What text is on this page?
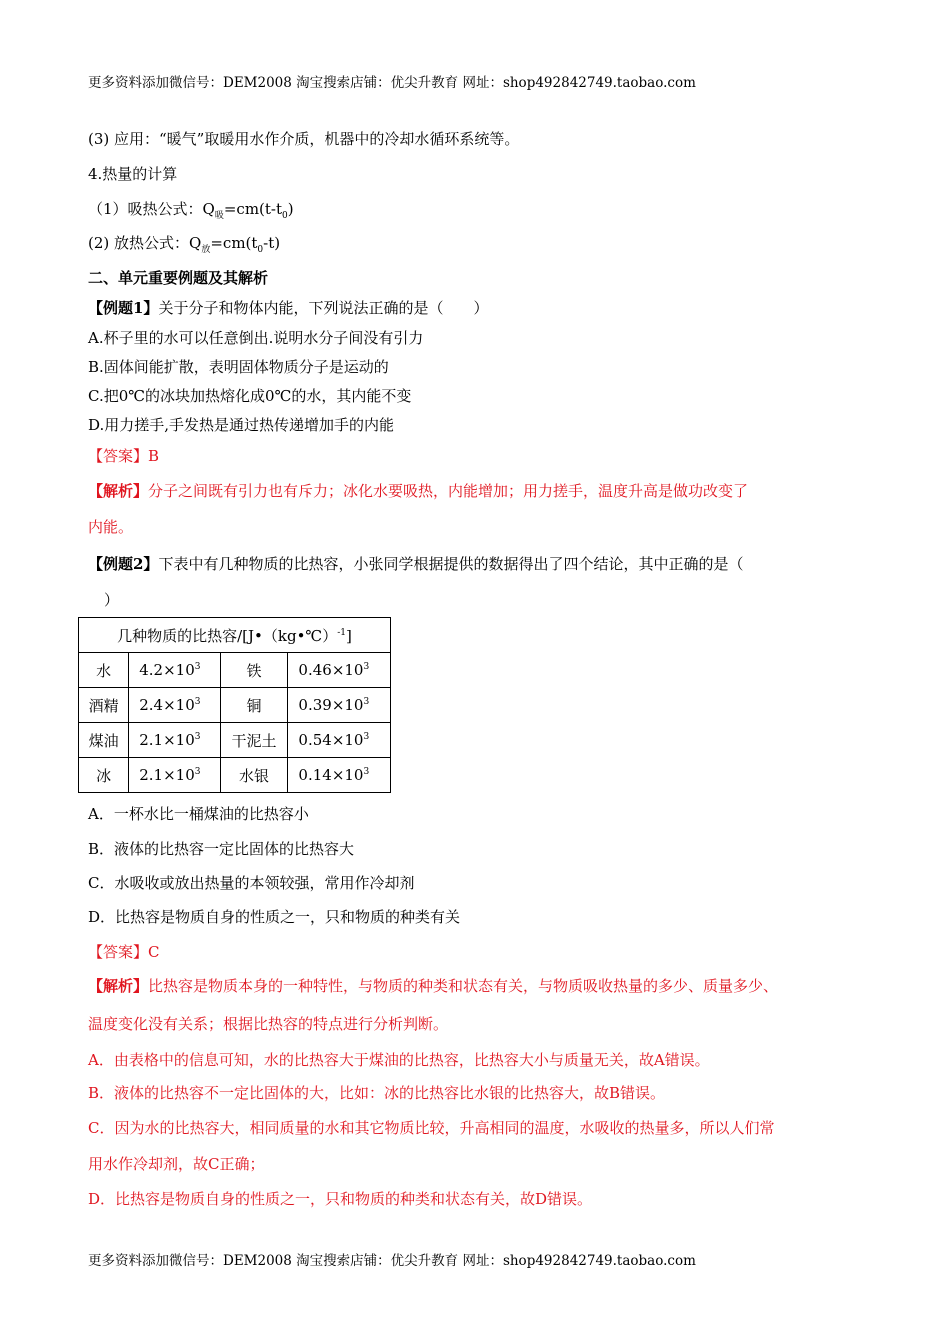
更多资料添加微信号：DEM2008 淘宝搜索店铺：优尖升教育 网址：shop492842749.taobao.com
(3) 应用：“暖气”取暖用水作介质，机器中的冷却水循环系统等。
4.热量的计算
（1）吸热公式：$Q_吸=cm(t-t_0)$
(2) 放热公式：$Q_放=cm(t_0-t)$
二、单元重要例题及其解析
【例题1】关于分子和物体内能，下列说法正确的是（　　）
A.杯子里的水可以任意倒出.说明水分子间没有引力
B.固体间能扩散，表明固体物质分子是运动的
C.把0℃的冰块加热熔化成0℃的水，其内能不变
D.用力搓手,手发热是通过热传递增加手的内能
【答案】B
【解析】分子之间既有引力也有斥力；冰化水要吸热，内能增加；用力搓手，温度升高是做功改变了
内能。
【例题2】下表中有几种物质的比热容，小张同学根据提供的数据得出了四个结论，其中正确的是（
）
几种物质的比热容/[J•（kg•℃）$^{-1}$]			
水	$4.2\times 10^3$	铁	$0.46\times 10^3$
酒精	$2.4\times 10^3$	铜	$0.39\times 10^3$
煤油	$2.1\times 10^3$	干泥土	$0.54\times 10^3$
冰	$2.1\times 10^3$	水银	$0.14\times 10^3$
A．一杯水比一桶煤油的比热容小
B．液体的比热容一定比固体的比热容大
C．水吸收或放出热量的本领较强，常用作冷却剂
D．比热容是物质自身的性质之一，只和物质的种类有关
【答案】C
【解析】比热容是物质本身的一种特性，与物质的种类和状态有关，与物质吸收热量的多少、质量多少、
温度变化没有关系；根据比热容的特点进行分析判断。
A．由表格中的信息可知，水的比热容大于煤油的比热容，比热容大小与质量无关，故A错误。
B．液体的比热容不一定比固体的大，比如：冰的比热容比水银的比热容大，故B错误。
C．因为水的比热容大，相同质量的水和其它物质比较，升高相同的温度，水吸收的热量多，所以人们常
用水作冷却剂，故C正确；
D．比热容是物质自身的性质之一，只和物质的种类和状态有关，故D错误。
更多资料添加微信号：DEM2008 淘宝搜索店铺：优尖升教育 网址：shop492842749.taobao.com
